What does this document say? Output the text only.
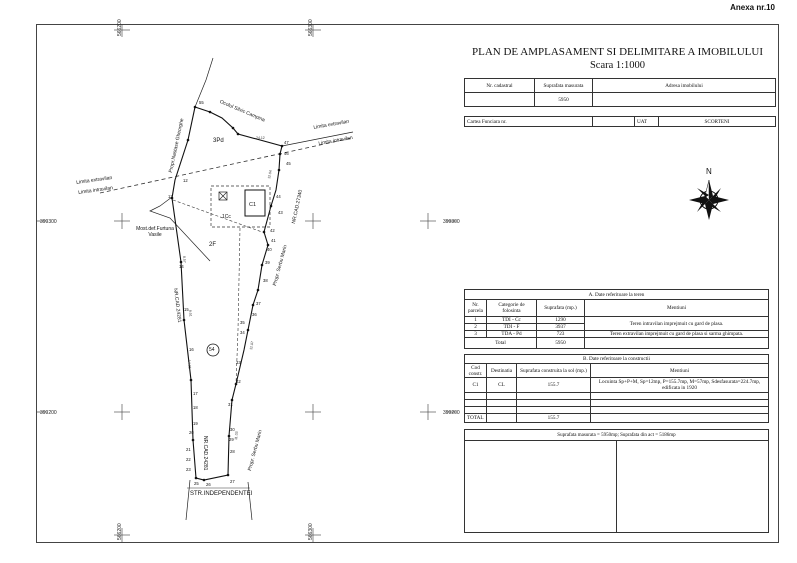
Anexa nr.10
566200	566300
566200	566300
399300	399300
399200	399200
24.12
12.04
8.57
9.01
14.21
12.07
11.03
55
47
46
45
44
43
42
41
40
39
38
37
36
35
34
33
32
31
30
29
28
27
26
25
23
22
21
20
19
18
17
16
15
14
13
12
Ocolul Silvic Campina
Limita extravilan
Limita intravilan
Limita extravilan
Limita intravilan
3Pd
2F
1Cc
C1
Most.def.Furtuna Vasile
Propr.Nastase Gheorghe
NR.CAD.27340
NR.CAD.24281
NR.CAD.24281
Propr. Serbu Marin
Propr. Serbu Marin
STR.INDEPENDENTEI
54
PLAN DE AMPLASAMENT SI DELIMITARE A IMOBILULUI
Scara 1:1000
Nr. cadastral	Suprafata masurata	Adresa imobilului
	5950	
Cartea Funciara nr.		UAT	SCORTENI
N
A. Date referitoare la teren			
Nr. parcela	Categorie de folosinta	Suprafata (mp.)	Mentiuni
1	TDI - Cc	1290	Teren intravilan imprejmuit cu gard de plasa.
2	TDI - F	3937	
3	TDA - Pd	723	Teren extravilan imprejmuit cu gard de plasa si sarma ghimpata.
Total		5950	
B. Date referitoare la constructii			
Cod constr.	Destinatia	Suprafata construita la sol (mp.)	Mentiuni
C1	CL	155.7	Locuinta Sp+P+M, Sp=12mp, P=155.7mp, M=57mp, Sdesfasurata=224.7mp, edificata in 1920

TOTAL		155.7	
Suprafata masurata = 5950mp; Suprafata din act = 5186mp
